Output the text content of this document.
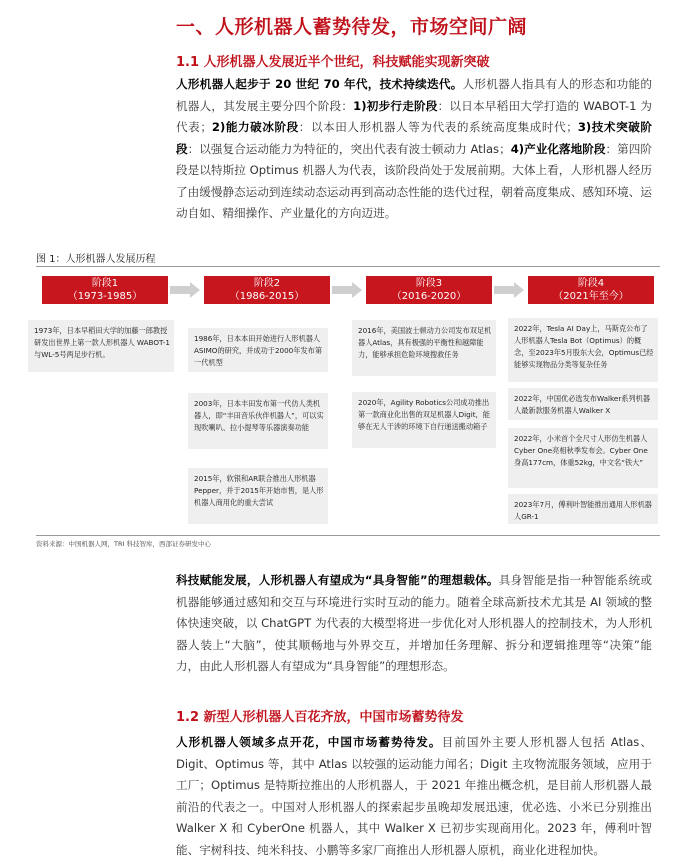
一、人形机器人蓄势待发，市场空间广阔
1.1 人形机器人发展近半个世纪，科技赋能实现新突破
人形机器人起步于 20 世纪 70 年代，技术持续迭代。人形机器人指具有人的形态和功能的机器人，其发展主要分四个阶段：1)初步行走阶段：以日本早稻田大学打造的 WABOT-1 为代表；2)能力破冰阶段：以本田人形机器人等为代表的系统高度集成时代；3)技术突破阶段：以强复合运动能力为特征的，突出代表有波士顿动力 Atlas；4)产业化落地阶段：第四阶段是以特斯拉 Optimus 机器人为代表，该阶段尚处于发展前期。大体上看，人形机器人经历了由缓慢静态运动到连续动态运动再到高动态性能的迭代过程，朝着高度集成、感知环境、运动自如、精细操作、产业量化的方向迈进。
图 1：人形机器人发展历程
阶段1
（1973-1985）
阶段2
（1986-2015）
阶段3
（2016-2020）
阶段4
（2021年至今）
1973年，日本早稻田大学的加藤一郎教授研发出世界上第一款人形机器人 WABOT-1与WL-5号两足步行机。
1986年，日本本田开始进行人形机器人ASIMO的研究，并成功于2000年发布第一代机型
2003年，日本丰田发布第一代仿人类机器人，即“丰田音乐伙伴机器人”，可以实现吹喇叭、拉小提琴等乐器演奏功能
2015年，软银和AR联合推出人形机器Pepper，并于2015年开始市售，是人形机器人商用化的重大尝试
2016年，美国波士顿动力公司发布双足机器人Atlas，具有极强的平衡性和越障能力，能够承担危险环境搜救任务
2020年，Agility Robotics公司成功推出第一款商业化出售的双足机器人Digit，能够在无人干涉的环境下自行递送搬动箱子
2022年，Tesla AI Day上，马斯克公布了人形机器人Tesla Bot（Optimus）的概念，至2023年5月股东大会，Optimus已经能够实现物品分类等复杂任务
2022年，中国优必选发布Walker系列机器人最新款服务机器人Walker X
2022年，小米首个全尺寸人形仿生机器人Cyber One亮相秋季发布会。Cyber One身高177cm，体重52kg，中文名“铁大”
2023年7月，傅利叶智能推出通用人形机器人GR-1
资料来源：中国机器人网，TRI 科技智库，西部证券研发中心
科技赋能发展，人形机器人有望成为“具身智能”的理想载体。具身智能是指一种智能系统或机器能够通过感知和交互与环境进行实时互动的能力。随着全球高新技术尤其是 AI 领域的整体快速突破，以 ChatGPT 为代表的大模型将进一步优化对人形机器人的控制技术，为人形机器人装上“大脑”，使其顺畅地与外界交互，并增加任务理解、拆分和逻辑推理等“决策”能力，由此人形机器人有望成为“具身智能”的理想形态。
1.2 新型人形机器人百花齐放，中国市场蓄势待发
人形机器人领域多点开花，中国市场蓄势待发。目前国外主要人形机器人包括 Atlas、Digit、Optimus 等，其中 Atlas 以较强的运动能力闻名；Digit 主攻物流服务领域，应用于工厂；Optimus 是特斯拉推出的人形机器人，于 2021 年推出概念机，是目前人形机器人最前沿的代表之一。中国对人形机器人的探索起步虽晚却发展迅速，优必选、小米已分别推出 Walker X 和 CyberOne 机器人，其中 Walker X 已初步实现商用化。2023 年，傅利叶智能、宇树科技、纯米科技、小鹏等多家厂商推出人形机器人原机，商业化进程加快。
